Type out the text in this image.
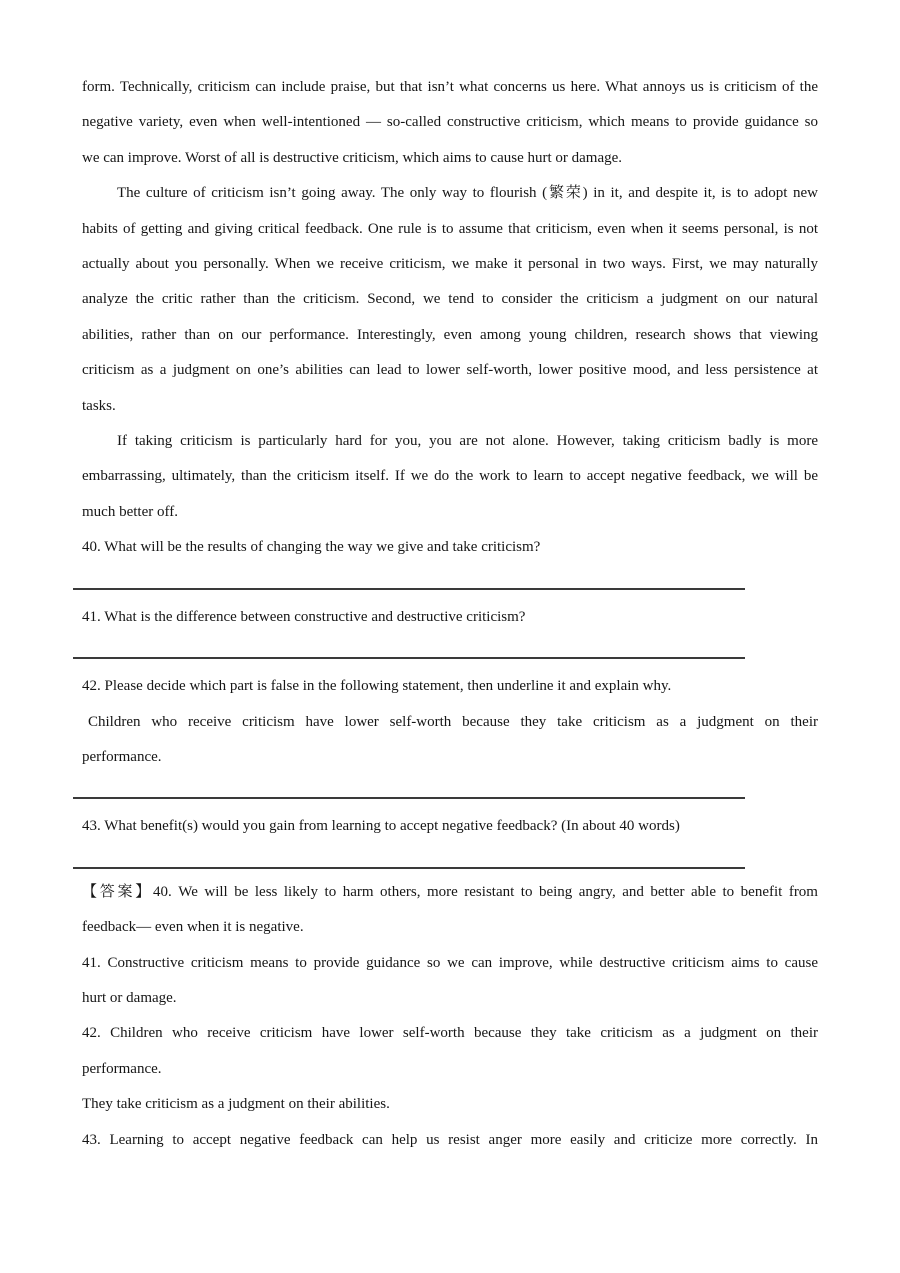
form. Technically, criticism can include praise, but that isn’t what concerns us here. What annoys us is criticism of the
negative variety, even when well-intentioned — so-called constructive criticism, which means to provide guidance so
we can improve. Worst of all is destructive criticism, which aims to cause hurt or damage.
The culture of criticism isn’t going away. The only way to flourish (繁荣) in it, and despite it, is to adopt new
habits of getting and giving critical feedback. One rule is to assume that criticism, even when it seems personal, is not
actually about you personally. When we receive criticism, we make it personal in two ways. First, we may naturally
analyze the critic rather than the criticism. Second, we tend to consider the criticism a judgment on our natural
abilities, rather than on our performance. Interestingly, even among young children, research shows that viewing
criticism as a judgment on one’s abilities can lead to lower self-worth, lower positive mood, and less persistence at
tasks.
If taking criticism is particularly hard for you, you are not alone. However, taking criticism badly is more
embarrassing, ultimately, than the criticism itself. If we do the work to learn to accept negative feedback, we will be
much better off.
40. What will be the results of changing the way we give and take criticism?
41. What is the difference between constructive and destructive criticism?
42. Please decide which part is false in the following statement, then underline it and explain why.
Children who receive criticism have lower self-worth because they take criticism as a judgment on their
performance.
43. What benefit(s) would you gain from learning to accept negative feedback? (In about 40 words)
【答案】40. We will be less likely to harm others, more resistant to being angry, and better able to benefit from
feedback— even when it is negative.
41. Constructive criticism means to provide guidance so we can improve, while destructive criticism aims to cause
hurt or damage.
42. Children who receive criticism have lower self-worth because they take criticism as a judgment on their
performance.
They take criticism as a judgment on their abilities.
43. Learning to accept negative feedback can help us resist anger more easily and criticize more correctly. In
